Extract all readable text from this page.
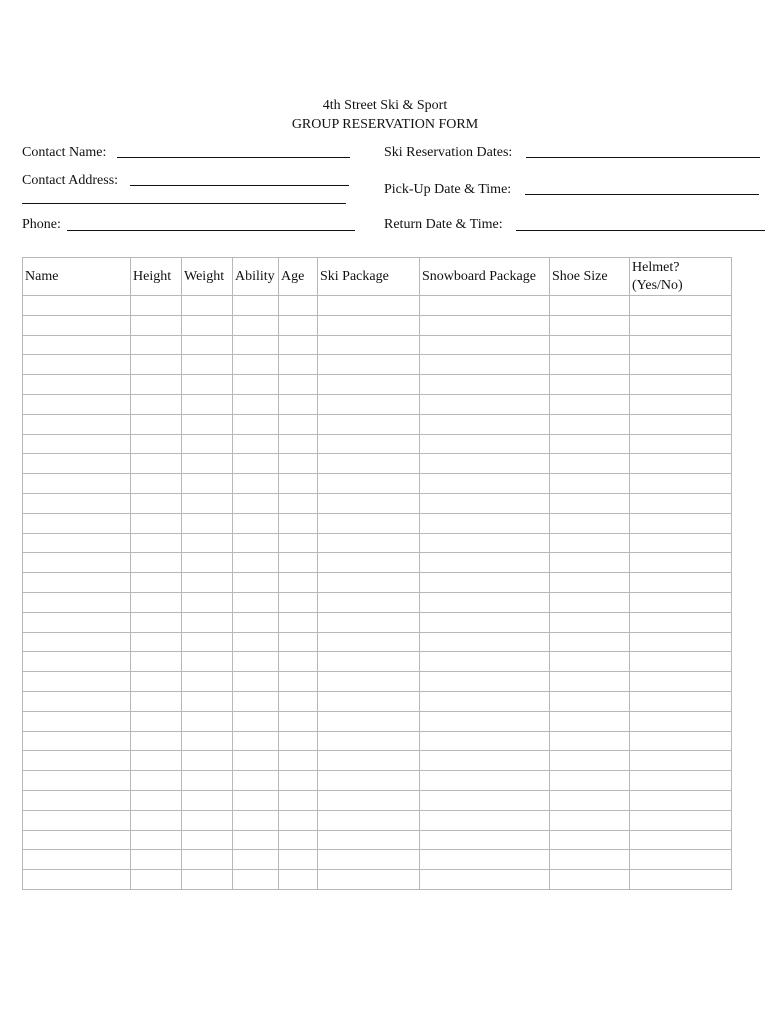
4th Street Ski & Sport
GROUP RESERVATION FORM
Contact Name:
Contact Address:
Phone:
Ski Reservation Dates:
Pick-Up Date & Time:
Return Date & Time:
Name	Height	Weight	Ability	Age	Ski Package	Snowboard Package	Shoe Size	Helmet? (Yes/No)
